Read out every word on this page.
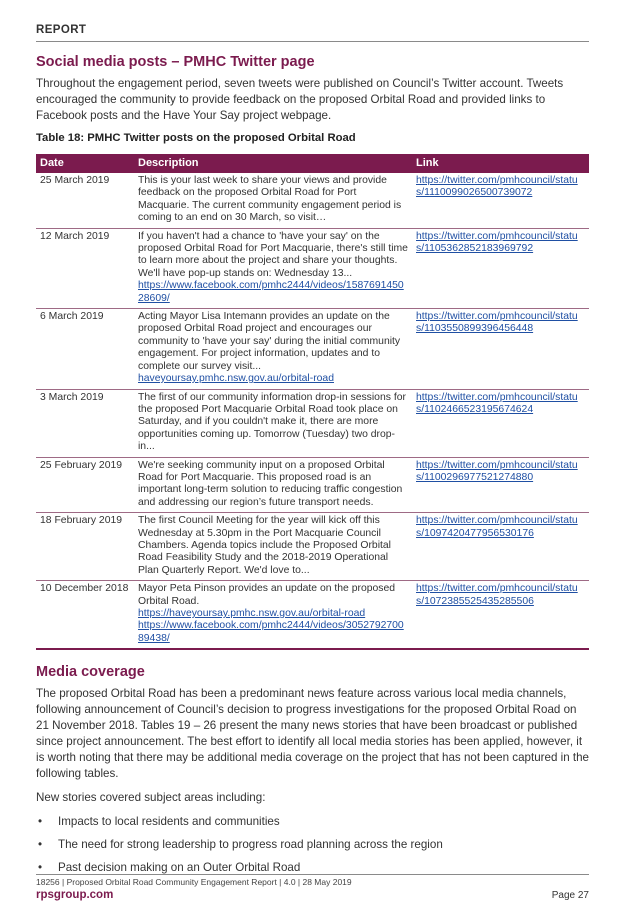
REPORT
Social media posts – PMHC Twitter page

Throughout the engagement period, seven tweets were published on Council’s Twitter account. Tweets encouraged the community to provide feedback on the proposed Orbital Road and provided links to Facebook posts and the Have Your Say project webpage.

Table 18: PMHC Twitter posts on the proposed Orbital Road
Date	Description	Link
25 March 2019	This is your last week to share your views and provide feedback on the proposed Orbital Road for Port Macquarie. The current community engagement period is coming to an end on 30 March, so visit…	https://twitter.com/pmhcouncil/status/1110099026500739072
12 March 2019	If you haven't had a chance to 'have your say' on the proposed Orbital Road for Port Macquarie, there's still time to learn more about the project and share your thoughts. We'll have pop-up stands on: Wednesday 13...
https://www.facebook.com/pmhc2444/videos/158769145028609/	https://twitter.com/pmhcouncil/status/1105362852183969792
6 March 2019	Acting Mayor Lisa Intemann provides an update on the proposed Orbital Road project and encourages our community to 'have your say' during the initial community engagement. For project information, updates and to complete our survey visit...
haveyoursay.pmhc.nsw.gov.au/orbital-road	https://twitter.com/pmhcouncil/status/1103550899396456448
3 March 2019	The first of our community information drop-in sessions for the proposed Port Macquarie Orbital Road took place on Saturday, and if you couldn't make it, there are more opportunities coming up. Tomorrow (Tuesday) two drop-in...	https://twitter.com/pmhcouncil/status/1102466523195674624
25 February 2019	We're seeking community input on a proposed Orbital Road for Port Macquarie. This proposed road is an important long-term solution to reducing traffic congestion and addressing our region’s future transport needs.	https://twitter.com/pmhcouncil/status/1100296977521274880
18 February 2019	The first Council Meeting for the year will kick off this Wednesday at 5.30pm in the Port Macquarie Council Chambers. Agenda topics include the Proposed Orbital Road Feasibility Study and the 2018-2019 Operational Plan Quarterly Report. We'd love to...	https://twitter.com/pmhcouncil/status/1097420477956530176
10 December 2018	Mayor Peta Pinson provides an update on the proposed Orbital Road.
https://haveyoursay.pmhc.nsw.gov.au/orbital-road
https://www.facebook.com/pmhc2444/videos/305279270089438/	https://twitter.com/pmhcouncil/status/1072385525435285506
Media coverage

The proposed Orbital Road has been a predominant news feature across various local media channels, following announcement of Council’s decision to progress investigations for the proposed Orbital Road on 21 November 2018. Tables 19 – 26 present the many news stories that have been broadcast or published since project announcement. The best effort to identify all local media stories has been applied, however, it is worth noting that there may be additional media coverage on the project that has not been captured in the following tables.

New stories covered subject areas including:

• Impacts to local residents and communities
• The need for strong leadership to progress road planning across the region
• Past decision making on an Outer Orbital Road
18256 | Proposed Orbital Road Community Engagement Report | 4.0 | 28 May 2019
rpsgroup.com	Page 27
